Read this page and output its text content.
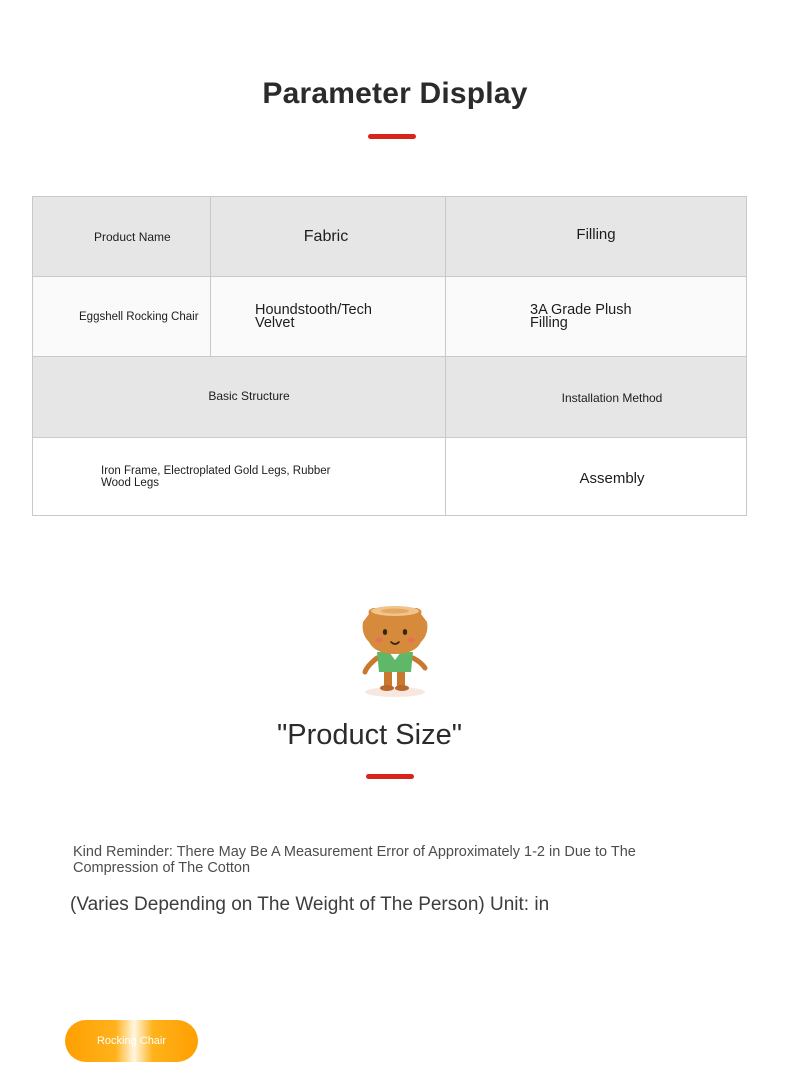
Parameter Display
Product Name	Fabric	Filling

Eggshell Rocking Chair	Houndstooth/Tech Velvet	3A Grade Plush Filling

Basic Structure		Installation Method

Iron Frame, Electroplated Gold Legs, Rubber Wood Legs		Assembly
"Product Size"
Kind Reminder: There May Be A Measurement Error of Approximately 1-2 in Due to The Compression of The Cotton
(Varies Depending on The Weight of The Person) Unit: in
Rocking Chair
